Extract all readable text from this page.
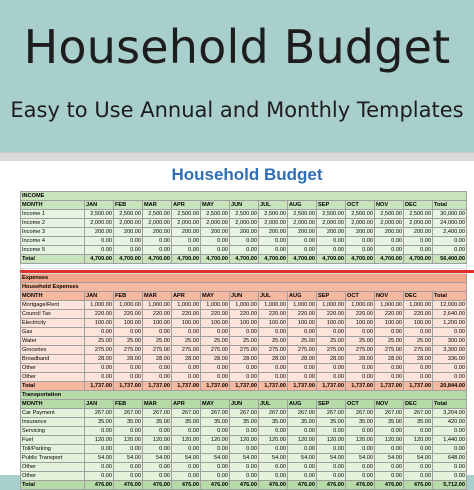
Household Budget
Easy to Use Annual and Monthly Templates
Household Budget
INCOME													
MONTH	JAN	FEB	MAR	APR	MAY	JUN	JUL	AUG	SEP	OCT	NOV	DEC	Total
Income 1	2,500.00	2,500.00	2,500.00	2,500.00	2,500.00	2,500.00	2,500.00	2,500.00	2,500.00	2,500.00	2,500.00	2,500.00	30,000.00
Income 2	2,000.00	2,000.00	2,000.00	2,000.00	2,000.00	2,000.00	2,000.00	2,000.00	2,000.00	2,000.00	2,000.00	2,000.00	24,000.00
Income 3	200.00	200.00	200.00	200.00	200.00	200.00	200.00	200.00	200.00	200.00	200.00	200.00	2,400.00
Income 4	0.00	0.00	0.00	0.00	0.00	0.00	0.00	0.00	0.00	0.00	0.00	0.00	0.00
Income 5	0.00	0.00	0.00	0.00	0.00	0.00	0.00	0.00	0.00	0.00	0.00	0.00	0.00
Total	4,700.00	4,700.00	4,700.00	4,700.00	4,700.00	4,700.00	4,700.00	4,700.00	4,700.00	4,700.00	4,700.00	4,700.00	56,400.00

Expenses													
Household Expenses													
MONTH	JAN	FEB	MAR	APR	MAY	JUN	JUL	AUG	SEP	OCT	NOV	DEC	Total
Mortgage/Rent	1,000.00	1,000.00	1,000.00	1,000.00	1,000.00	1,000.00	1,000.00	1,000.00	1,000.00	1,000.00	1,000.00	1,000.00	12,000.00
Council Tax	220.00	220.00	220.00	220.00	220.00	220.00	220.00	220.00	220.00	220.00	220.00	220.00	2,640.00
Electricity	100.00	100.00	100.00	100.00	100.00	100.00	100.00	100.00	100.00	100.00	100.00	100.00	1,200.00
Gas	0.00	0.00	0.00	0.00	0.00	0.00	0.00	0.00	0.00	0.00	0.00	0.00	0.00
Water	25.00	25.00	25.00	25.00	25.00	25.00	25.00	25.00	25.00	25.00	25.00	25.00	300.00
Groceries	275.00	275.00	275.00	275.00	275.00	275.00	275.00	275.00	275.00	275.00	275.00	275.00	3,300.00
Broadband	28.00	28.00	28.00	28.00	28.00	28.00	28.00	28.00	28.00	28.00	28.00	28.00	336.00
Other	0.00	0.00	0.00	0.00	0.00	0.00	0.00	0.00	0.00	0.00	0.00	0.00	0.00
Other	0.00	0.00	0.00	0.00	0.00	0.00	0.00	0.00	0.00	0.00	0.00	0.00	0.00
Total	1,737.00	1,737.00	1,737.00	1,737.00	1,737.00	1,737.00	1,737.00	1,737.00	1,737.00	1,737.00	1,737.00	1,737.00	20,844.00
Transportation													
MONTH	JAN	FEB	MAR	APR	MAY	JUN	JUL	AUG	SEP	OCT	NOV	DEC	Total
Car Payment	267.00	267.00	267.00	267.00	267.00	267.00	267.00	267.00	267.00	267.00	267.00	267.00	3,204.00
Insurance	35.00	35.00	35.00	35.00	35.00	35.00	35.00	35.00	35.00	35.00	35.00	35.00	420.00
Servicing	0.00	0.00	0.00	0.00	0.00	0.00	0.00	0.00	0.00	0.00	0.00	0.00	0.00
Fuel	120.00	120.00	120.00	120.00	120.00	120.00	120.00	120.00	120.00	120.00	120.00	120.00	1,440.00
Toll/Parking	0.00	0.00	0.00	0.00	0.00	0.00	0.00	0.00	0.00	0.00	0.00	0.00	0.00
Public Transport	54.00	54.00	54.00	54.00	54.00	54.00	54.00	54.00	54.00	54.00	54.00	54.00	648.00
Other	0.00	0.00	0.00	0.00	0.00	0.00	0.00	0.00	0.00	0.00	0.00	0.00	0.00
Other	0.00	0.00	0.00	0.00	0.00	0.00	0.00	0.00	0.00	0.00	0.00	0.00	0.00
Total	476.00	476.00	476.00	476.00	476.00	476.00	476.00	476.00	476.00	476.00	476.00	476.00	5,712.00
